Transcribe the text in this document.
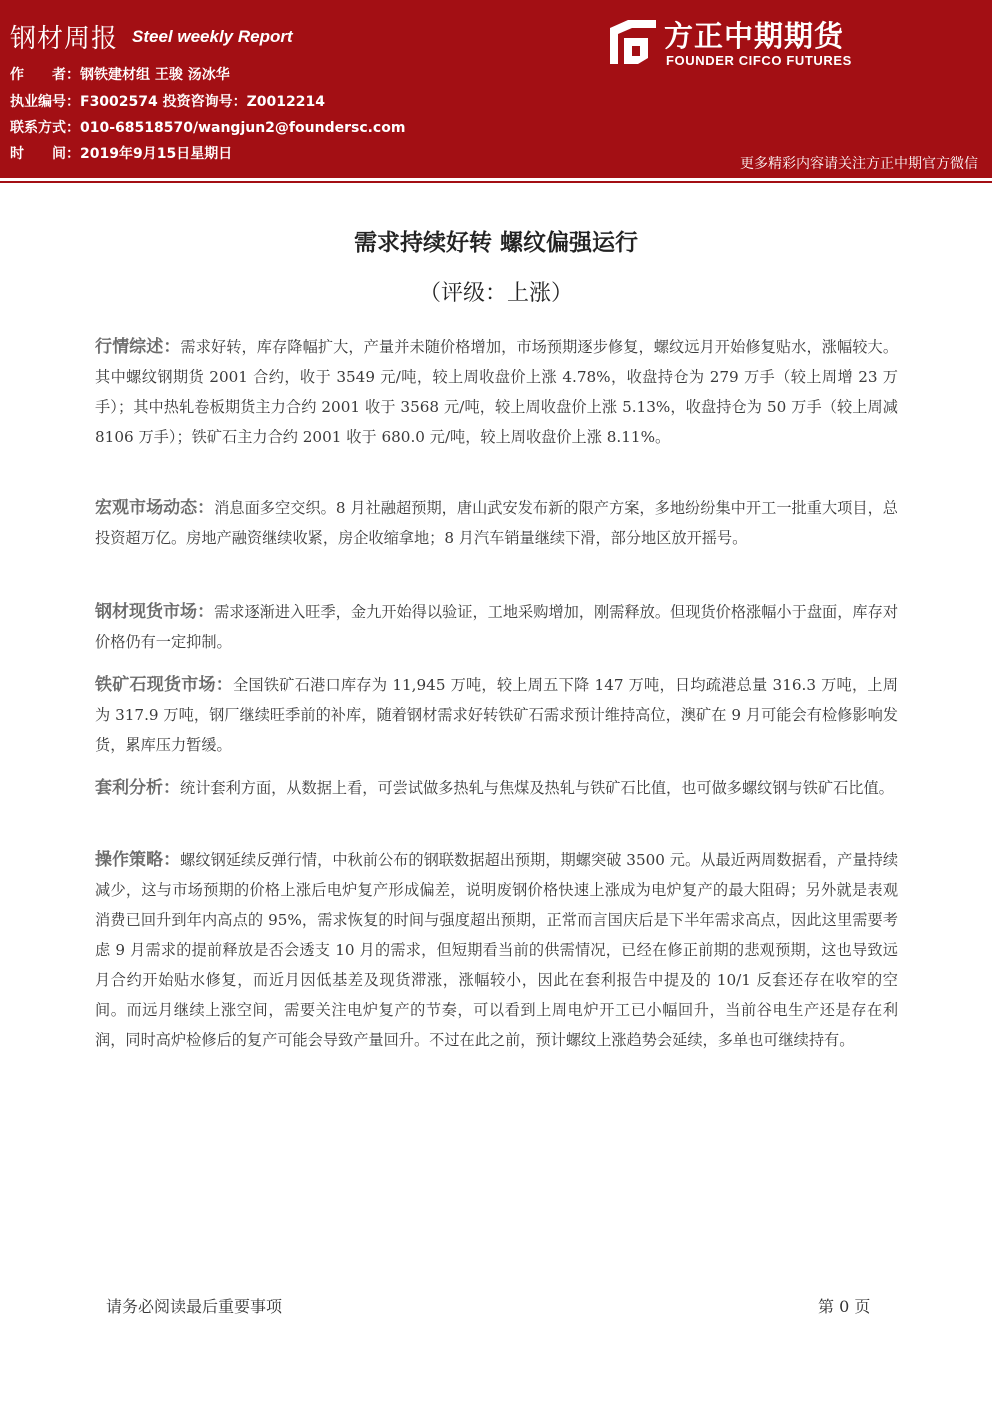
钢材周报 Steel weekly Report
作　　者：钢铁建材组 王骏 汤冰华
执业编号：F3002574 投资咨询号：Z0012214
联系方式：010-68518570/wangjun2@foundersc.com
时　　间：2019年9月15日星期日
方正中期期货
FOUNDER CIFCO FUTURES
更多精彩内容请关注方正中期官方微信
需求持续好转 螺纹偏强运行
（评级：上涨）
行情综述：需求好转，库存降幅扩大，产量并未随价格增加，市场预期逐步修复，螺纹远月开始修复贴水，涨幅较大。其中螺纹钢期货 2001 合约，收于 3549 元/吨，较上周收盘价上涨 4.78%，收盘持仓为 279 万手（较上周增 23 万手）；其中热轧卷板期货主力合约 2001 收于 3568 元/吨，较上周收盘价上涨 5.13%，收盘持仓为 50 万手（较上周减 8106 万手）；铁矿石主力合约 2001 收于 680.0 元/吨，较上周收盘价上涨 8.11%。
宏观市场动态：消息面多空交织。8 月社融超预期，唐山武安发布新的限产方案，多地纷纷集中开工一批重大项目，总投资超万亿。房地产融资继续收紧，房企收缩拿地；8 月汽车销量继续下滑，部分地区放开摇号。
钢材现货市场：需求逐渐进入旺季，金九开始得以验证，工地采购增加，刚需释放。但现货价格涨幅小于盘面，库存对价格仍有一定抑制。
铁矿石现货市场：全国铁矿石港口库存为 11,945 万吨，较上周五下降 147 万吨，日均疏港总量 316.3 万吨，上周为 317.9 万吨，钢厂继续旺季前的补库，随着钢材需求好转铁矿石需求预计维持高位，澳矿在 9 月可能会有检修影响发货，累库压力暂缓。
套利分析：统计套利方面，从数据上看，可尝试做多热轧与焦煤及热轧与铁矿石比值，也可做多螺纹钢与铁矿石比值。
操作策略：螺纹钢延续反弹行情，中秋前公布的钢联数据超出预期，期螺突破 3500 元。从最近两周数据看，产量持续减少，这与市场预期的价格上涨后电炉复产形成偏差，说明废钢价格快速上涨成为电炉复产的最大阻碍；另外就是表观消费已回升到年内高点的 95%，需求恢复的时间与强度超出预期，正常而言国庆后是下半年需求高点，因此这里需要考虑 9 月需求的提前释放是否会透支 10 月的需求，但短期看当前的供需情况，已经在修正前期的悲观预期，这也导致远月合约开始贴水修复，而近月因低基差及现货滞涨，涨幅较小，因此在套利报告中提及的 10/1 反套还存在收窄的空间。而远月继续上涨空间，需要关注电炉复产的节奏，可以看到上周电炉开工已小幅回升，当前谷电生产还是存在利润，同时高炉检修后的复产可能会导致产量回升。不过在此之前，预计螺纹上涨趋势会延续，多单也可继续持有。
请务必阅读最后重要事项	第 0 页
